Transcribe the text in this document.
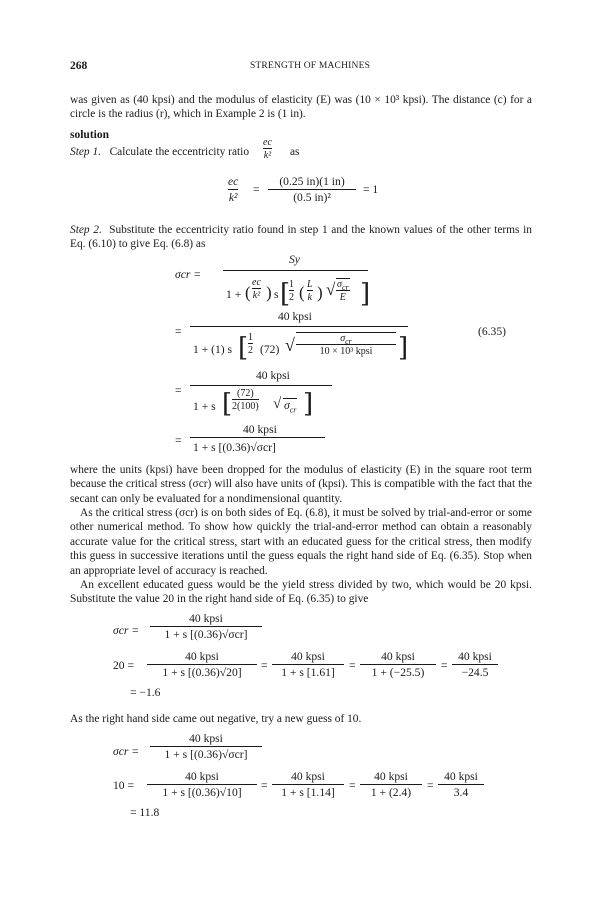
268	STRENGTH OF MACHINES
was given as (40 kpsi) and the modulus of elasticity (E) was (10 × 10³ kpsi). The distance (c) for a circle is the radius (r), which in Example 2 is (1 in).
solution
Step 1. Calculate the eccentricity ratio $\frac{ec}{\text{k²}}$ as
$\frac{ec}{\text{k²}} = \frac{(0.25 in)(1 in)}{\text{(0.5 in)²}} = 1$
Step 2. Substitute the eccentricity ratio found in step 1 and the known values of the other terms in Eq. (6.10) to give Eq. (6.8) as
σcr =
Sy
1 + ( $\frac{ec}{\text{k²}}$ ) s [
$\frac{1}{2}$ ( $\frac{L}{k}$ ) √ $\sigma_{cr}$
E ]
=
40 kpsi
1 + (1) s [ $\frac{1}{2} (72)$ √	$\sigma_{cr}$
10 × 10³ kpsi ]
(6.35)
=
40 kpsi
1 + s [ $\frac{(72)}{2(100)}$ √ $\sigma_{cr}$ ]
=
40 kpsi
1 + s [(0.36)√σcr]
where the units (kpsi) have been dropped for the modulus of elasticity (E) in the square root term because the critical stress (σcr) will also have units of (kpsi). This is compatible with the fact that the secant can only be evaluated for a nondimensional quantity.
As the critical stress (σcr) is on both sides of Eq. (6.8), it must be solved by trial-and-error or some other numerical method. To show how quickly the trial-and-error method can obtain a reasonably accurate value for the critical stress, start with an educated guess for the critical stress, then modify this guess in successive iterations until the guess equals the right hand side of Eq. (6.35). Stop when an appropriate level of accuracy is reached.
An excellent educated guess would be the yield stress divided by two, which would be 20 kpsi. Substitute the value 20 in the right hand side of Eq. (6.35) to give
σcr =
40 kpsi
1 + s [(0.36)√σcr]
20 =
40 kpsi
1 + s [(0.36)√20]
=
40 kpsi
1 + s [1.61]
=
40 kpsi
1 + (−25.5)
=
40 kpsi
−24.5
= −1.6
As the right hand side came out negative, try a new guess of 10.
σcr =
40 kpsi
1 + s [(0.36)√σcr]
10 =
40 kpsi
1 + s [(0.36)√10]
=
40 kpsi
1 + s [1.14]
=
40 kpsi
1 + (2.4)
=
40 kpsi
3.4
= 11.8
